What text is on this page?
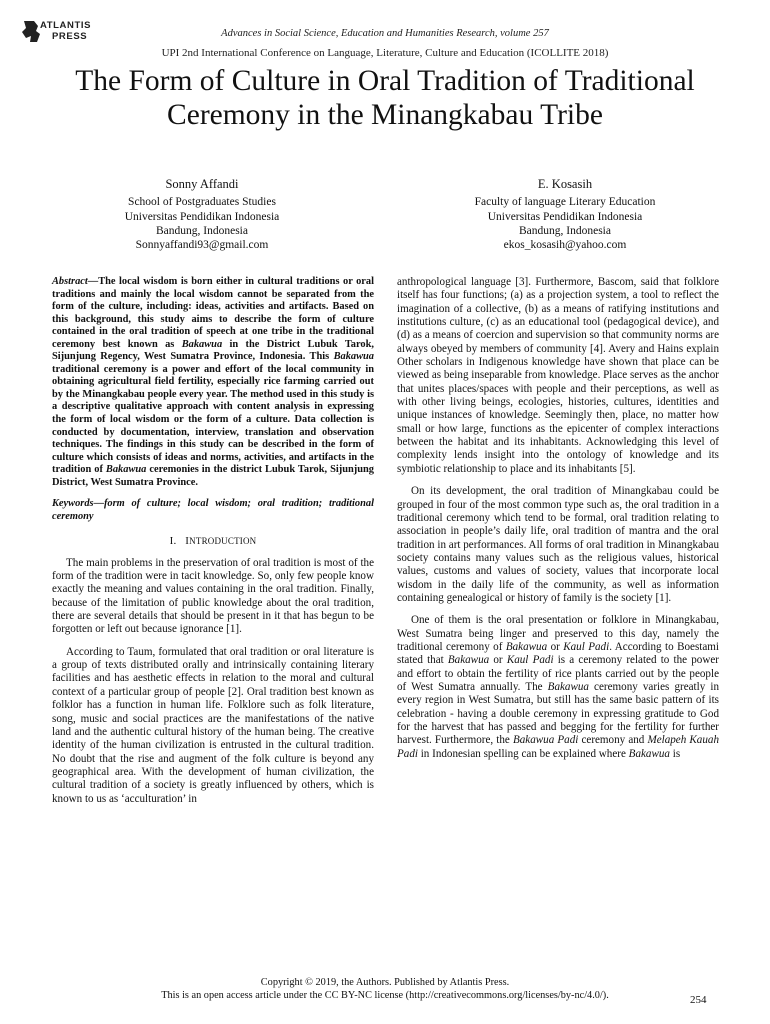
ATLANTIS
PRESS	Advances in Social Science, Education and Humanities Research, volume 257
UPI 2nd International Conference on Language, Literature, Culture and Education (ICOLLITE 2018)
The Form of Culture in Oral Tradition of Traditional
Ceremony in the Minangkabau Tribe
Sonny Affandi
School of Postgraduates Studies
Universitas Pendidikan Indonesia
Bandung, Indonesia
Sonnyaffandi93@gmail.com
E. Kosasih
Faculty of language Literary Education
Universitas Pendidikan Indonesia
Bandung, Indonesia
ekos_kosasih@yahoo.com
Abstract—The local wisdom is born either in cultural traditions or oral traditions and mainly the local wisdom cannot be separated from the form of the culture, including: ideas, activities and artifacts. Based on this background, this study aims to describe the form of culture contained in the oral tradition of speech at one tribe in the traditional ceremony best known as Bakawua in the District Lubuk Tarok, Sijunjung Regency, West Sumatra Province, Indonesia. This Bakawua traditional ceremony is a power and effort of the local community in obtaining agricultural field fertility, especially rice farming carried out by the Minangkabau people every year. The method used in this study is a descriptive qualitative approach with content analysis in expressing the form of local wisdom or the form of a culture. Data collection is conducted by documentation, interview, translation and observation techniques. The findings in this study can be described in the form of culture which consists of ideas and norms, activities, and artifacts in the tradition of Bakawua ceremonies in the district Lubuk Tarok, Sijunjung District, West Sumatra Province.
Keywords—form of culture; local wisdom; oral tradition; traditional ceremony
I. INTRODUCTION

The main problems in the preservation of oral tradition is most of the form of the tradition were in tacit knowledge. So, only few people know exactly the meaning and values containing in the oral tradition. Finally, because of the limitation of public knowledge about the oral tradition, there are several details that should be present in it that has begun to be forgotten or left out because ignorance [1].

According to Taum, formulated that oral tradition or oral literature is a group of texts distributed orally and intrinsically containing literary facilities and has aesthetic effects in relation to the moral and cultural context of a particular group of people [2]. Oral tradition best known as folklor has a function in human life. Folklore such as folk literature, song, music and social practices are the manifestations of the native land and the authentic cultural history of the human being. The creative identity of the human civilization is entrusted in the cultural tradition. No doubt that the rise and augment of the folk culture is beyond any geographical area. With the development of human civilization, the cultural tradition of a society is greatly influenced by others, which is known to us as ‘acculturation’ in

anthropological language [3]. Furthermore, Bascom, said that folklore itself has four functions; (a) as a projection system, a tool to reflect the imagination of a collective, (b) as a means of ratifying institutions and institutions culture, (c) as an educational tool (pedagogical device), and (d) as a means of coercion and supervision so that community norms are always obeyed by members of community [4]. Avery and Hains explain Other scholars in Indigenous knowledge have shown that place can be viewed as being inseparable from knowledge. Place serves as the anchor that unites places/spaces with people and their perceptions, as well as with other living beings, ecologies, histories, cultures, identities and unique instances of knowledge. Seemingly then, place, no matter how small or how large, functions as the epicenter of complex interactions between the habitat and its inhabitants. Acknowledging this level of complexity lends insight into the ontology of knowledge and its symbiotic relationship to place and its inhabitants [5].

On its development, the oral tradition of Minangkabau could be grouped in four of the most common type such as, the oral tradition in a traditional ceremony which tend to be formal, oral tradition relating to association in people’s daily life, oral tradition of mantra and the oral tradition in art performances. All forms of oral tradition in Minangkabau society contains many values such as the religious values, historical values, customs and values of society, values that incorporate local wisdom in the daily life of the community, as well as information containing genealogical or history of family is the society [1].

One of them is the oral presentation or folklore in Minangkabau, West Sumatra being linger and preserved to this day, namely the traditional ceremony of Bakawua or Kaul Padi. According to Boestami stated that Bakawua or Kaul Padi is a ceremony related to the power and effort to obtain the fertility of rice plants carried out by the people of West Sumatra annually. The Bakawua ceremony varies greatly in every region in West Sumatra, but still has the same basic pattern of its celebration - having a double ceremony in expressing gratitude to God for the harvest that has passed and begging for the fertility for further harvest. Furthermore, the Bakawua Padi ceremony and Melapeh Kauah Padi in Indonesian spelling can be explained where Bakawua is

Copyright © 2019, the Authors. Published by Atlantis Press.
This is an open access article under the CC BY-NC license (http://creativecommons.org/licenses/by-nc/4.0/).	254
